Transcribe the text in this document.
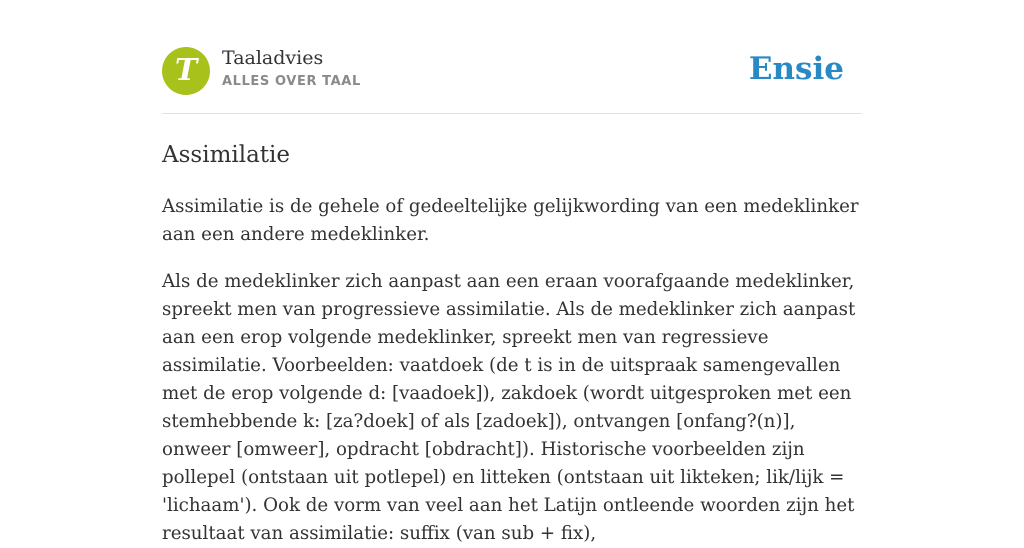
T	Taaladvies
ALLES OVER TAAL	Ensie
Assimilatie

Assimilatie is de gehele of gedeeltelijke gelijkwording van een medeklinker aan een andere medeklinker.

Als de medeklinker zich aanpast aan een eraan voorafgaande medeklinker, spreekt men van progressieve assimilatie. Als de medeklinker zich aanpast aan een erop volgende medeklinker, spreekt men van regressieve assimilatie. Voorbeelden: vaatdoek (de t is in de uitspraak samengevallen met de erop volgende d: [vaadoek]), zakdoek (wordt uitgesproken met een stemhebbende k: [za?doek] of als [zadoek]), ontvangen [onfang?(n)], onweer [omweer], opdracht [obdracht]). Historische voorbeelden zijn pollepel (ontstaan uit potlepel) en litteken (ontstaan uit likteken; lik/lijk = 'lichaam'). Ook de vorm van veel aan het Latijn ontleende woorden zijn het resultaat van assimilatie: suffix (van sub + fix),
